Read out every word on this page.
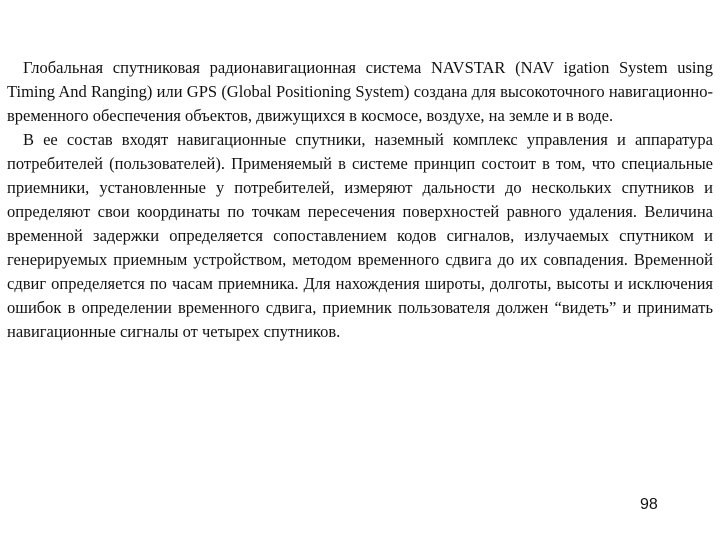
Глобальная спутниковая радионавигационная система NAVSTAR (NAV igation System using Timing And Ranging) или GPS (Global Positioning System) создана для высокоточного навигационно-временного обеспечения объектов, движущихся в космосе, воздухе, на земле и в воде.

В ее состав входят навигационные спутники, наземный комплекс управления и аппаратура потребителей (пользователей). Применяемый в системе принцип состоит в том, что специальные приемники, установленные у потребителей, измеряют дальности до нескольких спутников и определяют свои координаты по точкам пересечения поверхностей равного удаления. Величина временной задержки определяется сопоставлением кодов сигналов, излучаемых спутником и генерируемых приемным устройством, методом временного сдвига до их совпадения. Временной сдвиг определяется по часам приемника. Для нахождения широты, долготы, высоты и исключения ошибок в определении временного сдвига, приемник пользователя должен “видеть” и принимать навигационные сигналы от четырех спутников.

98
